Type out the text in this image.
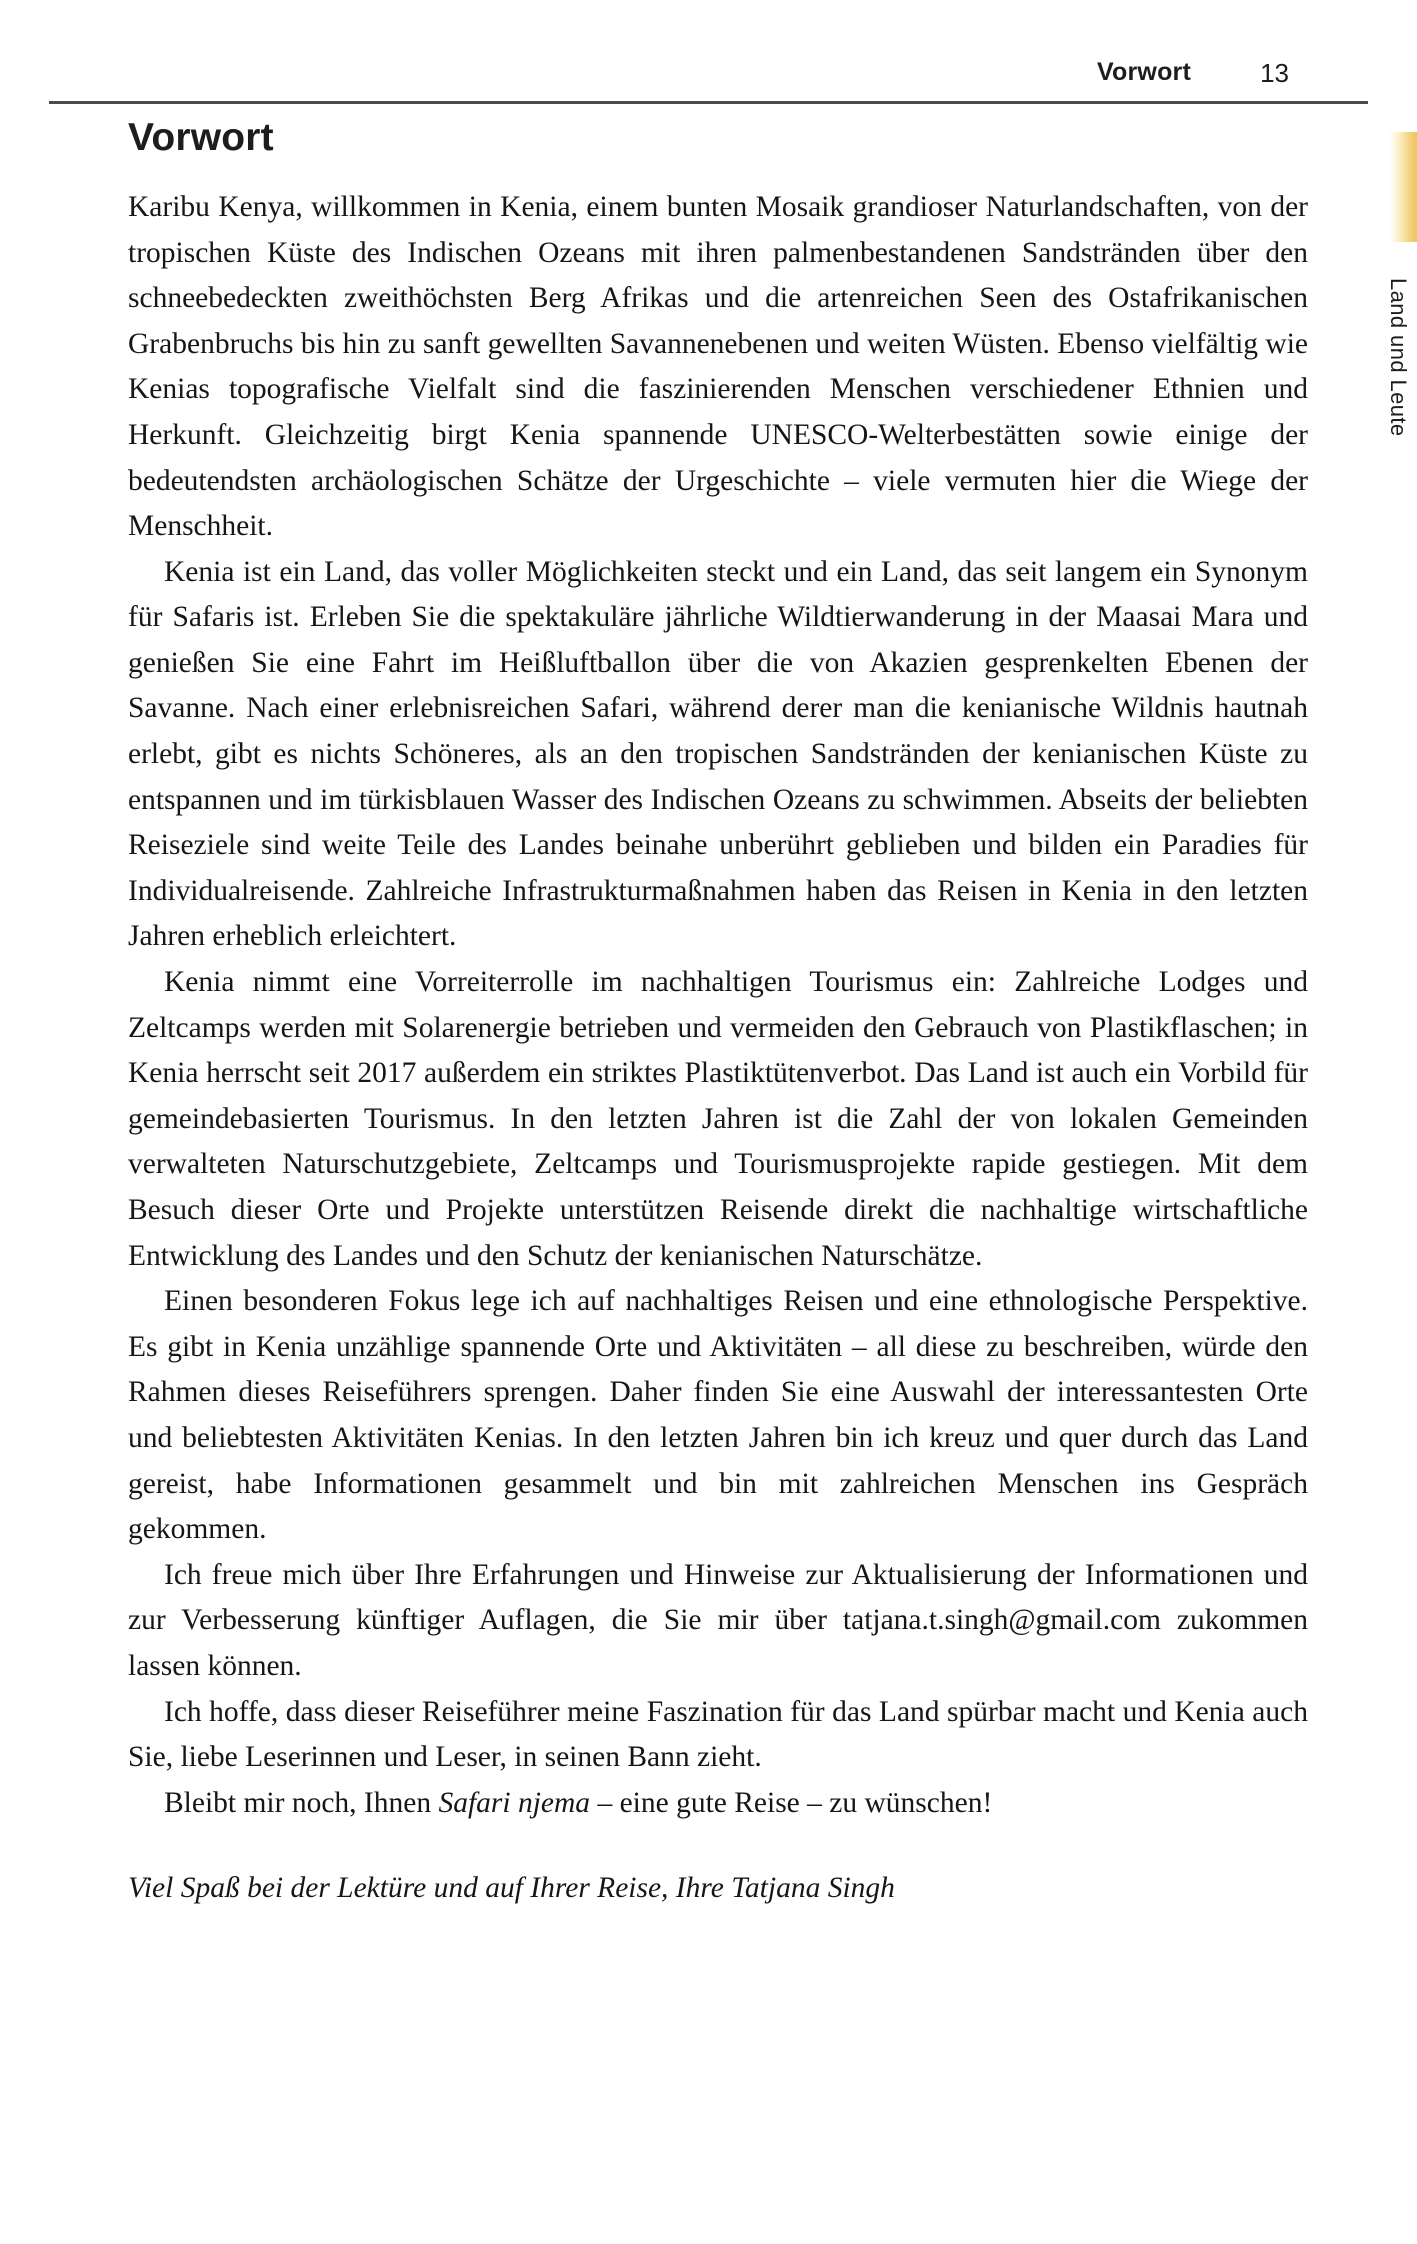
Vorwort	13
Land und Leute
Vorwort

Karibu Kenya, willkommen in Kenia, einem bunten Mosaik grandioser Naturlandschaften, von der tropischen Küste des Indischen Ozeans mit ihren palmenbestandenen Sandstränden über den schneebedeckten zweithöchsten Berg Afrikas und die artenreichen Seen des Ostafrikanischen Grabenbruchs bis hin zu sanft gewellten Savannenebenen und weiten Wüsten. Ebenso vielfältig wie Kenias topografische Vielfalt sind die faszinierenden Menschen verschiedener Ethnien und Herkunft. Gleichzeitig birgt Kenia spannende UNESCO-Welterbestätten sowie einige der bedeutendsten archäologischen Schätze der Urgeschichte – viele vermuten hier die Wiege der Menschheit.

Kenia ist ein Land, das voller Möglichkeiten steckt und ein Land, das seit langem ein Synonym für Safaris ist. Erleben Sie die spektakuläre jährliche Wildtierwanderung in der Maasai Mara und genießen Sie eine Fahrt im Heißluftballon über die von Akazien gesprenkelten Ebenen der Savanne. Nach einer erlebnisreichen Safari, während derer man die kenianische Wildnis hautnah erlebt, gibt es nichts Schöneres, als an den tropischen Sandstränden der kenianischen Küste zu entspannen und im türkisblauen Wasser des Indischen Ozeans zu schwimmen. Abseits der beliebten Reiseziele sind weite Teile des Landes beinahe unberührt geblieben und bilden ein Paradies für Individualreisende. Zahlreiche Infrastrukturmaßnahmen haben das Reisen in Kenia in den letzten Jahren erheblich erleichtert.

Kenia nimmt eine Vorreiterrolle im nachhaltigen Tourismus ein: Zahlreiche Lodges und Zeltcamps werden mit Solarenergie betrieben und vermeiden den Gebrauch von Plastikflaschen; in Kenia herrscht seit 2017 außerdem ein striktes Plastiktütenverbot. Das Land ist auch ein Vorbild für gemeindebasierten Tourismus. In den letzten Jahren ist die Zahl der von lokalen Gemeinden verwalteten Naturschutzgebiete, Zeltcamps und Tourismusprojekte rapide gestiegen. Mit dem Besuch dieser Orte und Projekte unterstützen Reisende direkt die nachhaltige wirtschaftliche Entwicklung des Landes und den Schutz der kenianischen Naturschätze.

Einen besonderen Fokus lege ich auf nachhaltiges Reisen und eine ethnologische Perspektive. Es gibt in Kenia unzählige spannende Orte und Aktivitäten – all diese zu beschreiben, würde den Rahmen dieses Reiseführers sprengen. Daher finden Sie eine Auswahl der interessantesten Orte und beliebtesten Aktivitäten Kenias. In den letzten Jahren bin ich kreuz und quer durch das Land gereist, habe Informationen gesammelt und bin mit zahlreichen Menschen ins Gespräch gekommen.

Ich freue mich über Ihre Erfahrungen und Hinweise zur Aktualisierung der Informationen und zur Verbesserung künftiger Auflagen, die Sie mir über tatjana.t.singh@gmail.com zukommen lassen können.

Ich hoffe, dass dieser Reiseführer meine Faszination für das Land spürbar macht und Kenia auch Sie, liebe Leserinnen und Leser, in seinen Bann zieht.

Bleibt mir noch, Ihnen Safari njema – eine gute Reise – zu wünschen!

Viel Spaß bei der Lektüre und auf Ihrer Reise, Ihre Tatjana Singh
